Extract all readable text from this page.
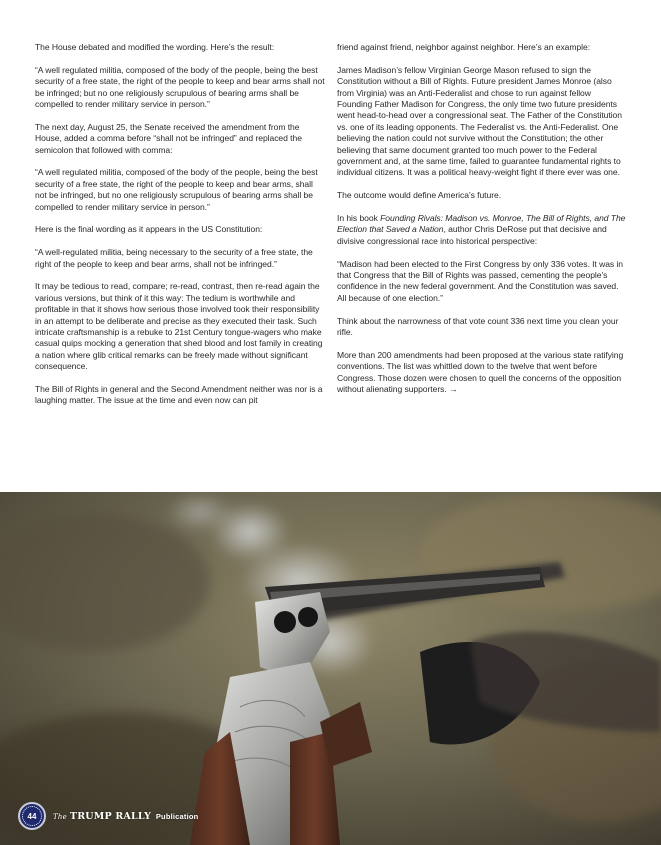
The House debated and modified the wording. Here’s the result:

“A well regulated militia, composed of the body of the people, being the best security of a free state, the right of the people to keep and bear arms shall not be infringed; but no one religiously scrupulous of bearing arms shall be compelled to render military service in person.”

The next day, August 25, the Senate received the amendment from the House, added a comma before “shall not be infringed” and replaced the semicolon that followed with comma:

“A well regulated militia, composed of the body of the people, being the best security of a free state, the right of the people to keep and bear arms, shall not be infringed, but no one religiously scrupulous of bearing arms shall be compelled to render military service in person.”

Here is the final wording as it appears in the US Constitution:

“A well-regulated militia, being necessary to the security of a free state, the right of the people to keep and bear arms, shall not be infringed.”

It may be tedious to read, compare; re-read, contrast, then re-read again the various versions, but think of it this way: The tedium is worthwhile and profitable in that it shows how serious those involved took their responsibility in an attempt to be deliberate and precise as they executed their task. Such intricate craftsmanship is a rebuke to 21st Century tongue-wagers who make casual quips mocking a generation that shed blood and lost family in creating a nation where glib critical remarks can be freely made without significant consequence.

The Bill of Rights in general and the Second Amendment neither was nor is a laughing matter. The issue at the time and even now can pit

friend against friend, neighbor against neighbor. Here’s an example:

James Madison’s fellow Virginian George Mason refused to sign the Constitution without a Bill of Rights. Future president James Monroe (also from Virginia) was an Anti-Federalist and chose to run against fellow Founding Father Madison for Congress, the only time two future presidents went head-to-head over a congressional seat. The Father of the Constitution vs. one of its leading opponents. The Federalist vs. the Anti-Federalist. One believing the nation could not survive without the Constitution; the other believing that same document granted too much power to the Federal government and, at the same time, failed to guarantee fundamental rights to individual citizens. It was a political heavy-weight fight if there ever was one.

The outcome would define America’s future.

In his book Founding Rivals: Madison vs. Monroe, The Bill of Rights, and The Election that Saved a Nation, author Chris DeRose put that decisive and divisive congressional race into historical perspective:

“Madison had been elected to the First Congress by only 336 votes. It was in that Congress that the Bill of Rights was passed, cementing the people’s confidence in the new federal government. And the Constitution was saved. All because of one election.”

Think about the narrowness of that vote count 336 next time you clean your rifle.

More than 200 amendments had been proposed at the various state ratifying conventions. The list was whittled down to the twelve that went before Congress. Those dozen were chosen to quell the concerns of the opposition without alienating supporters. →

44 The TRUMP RALLY Publication
